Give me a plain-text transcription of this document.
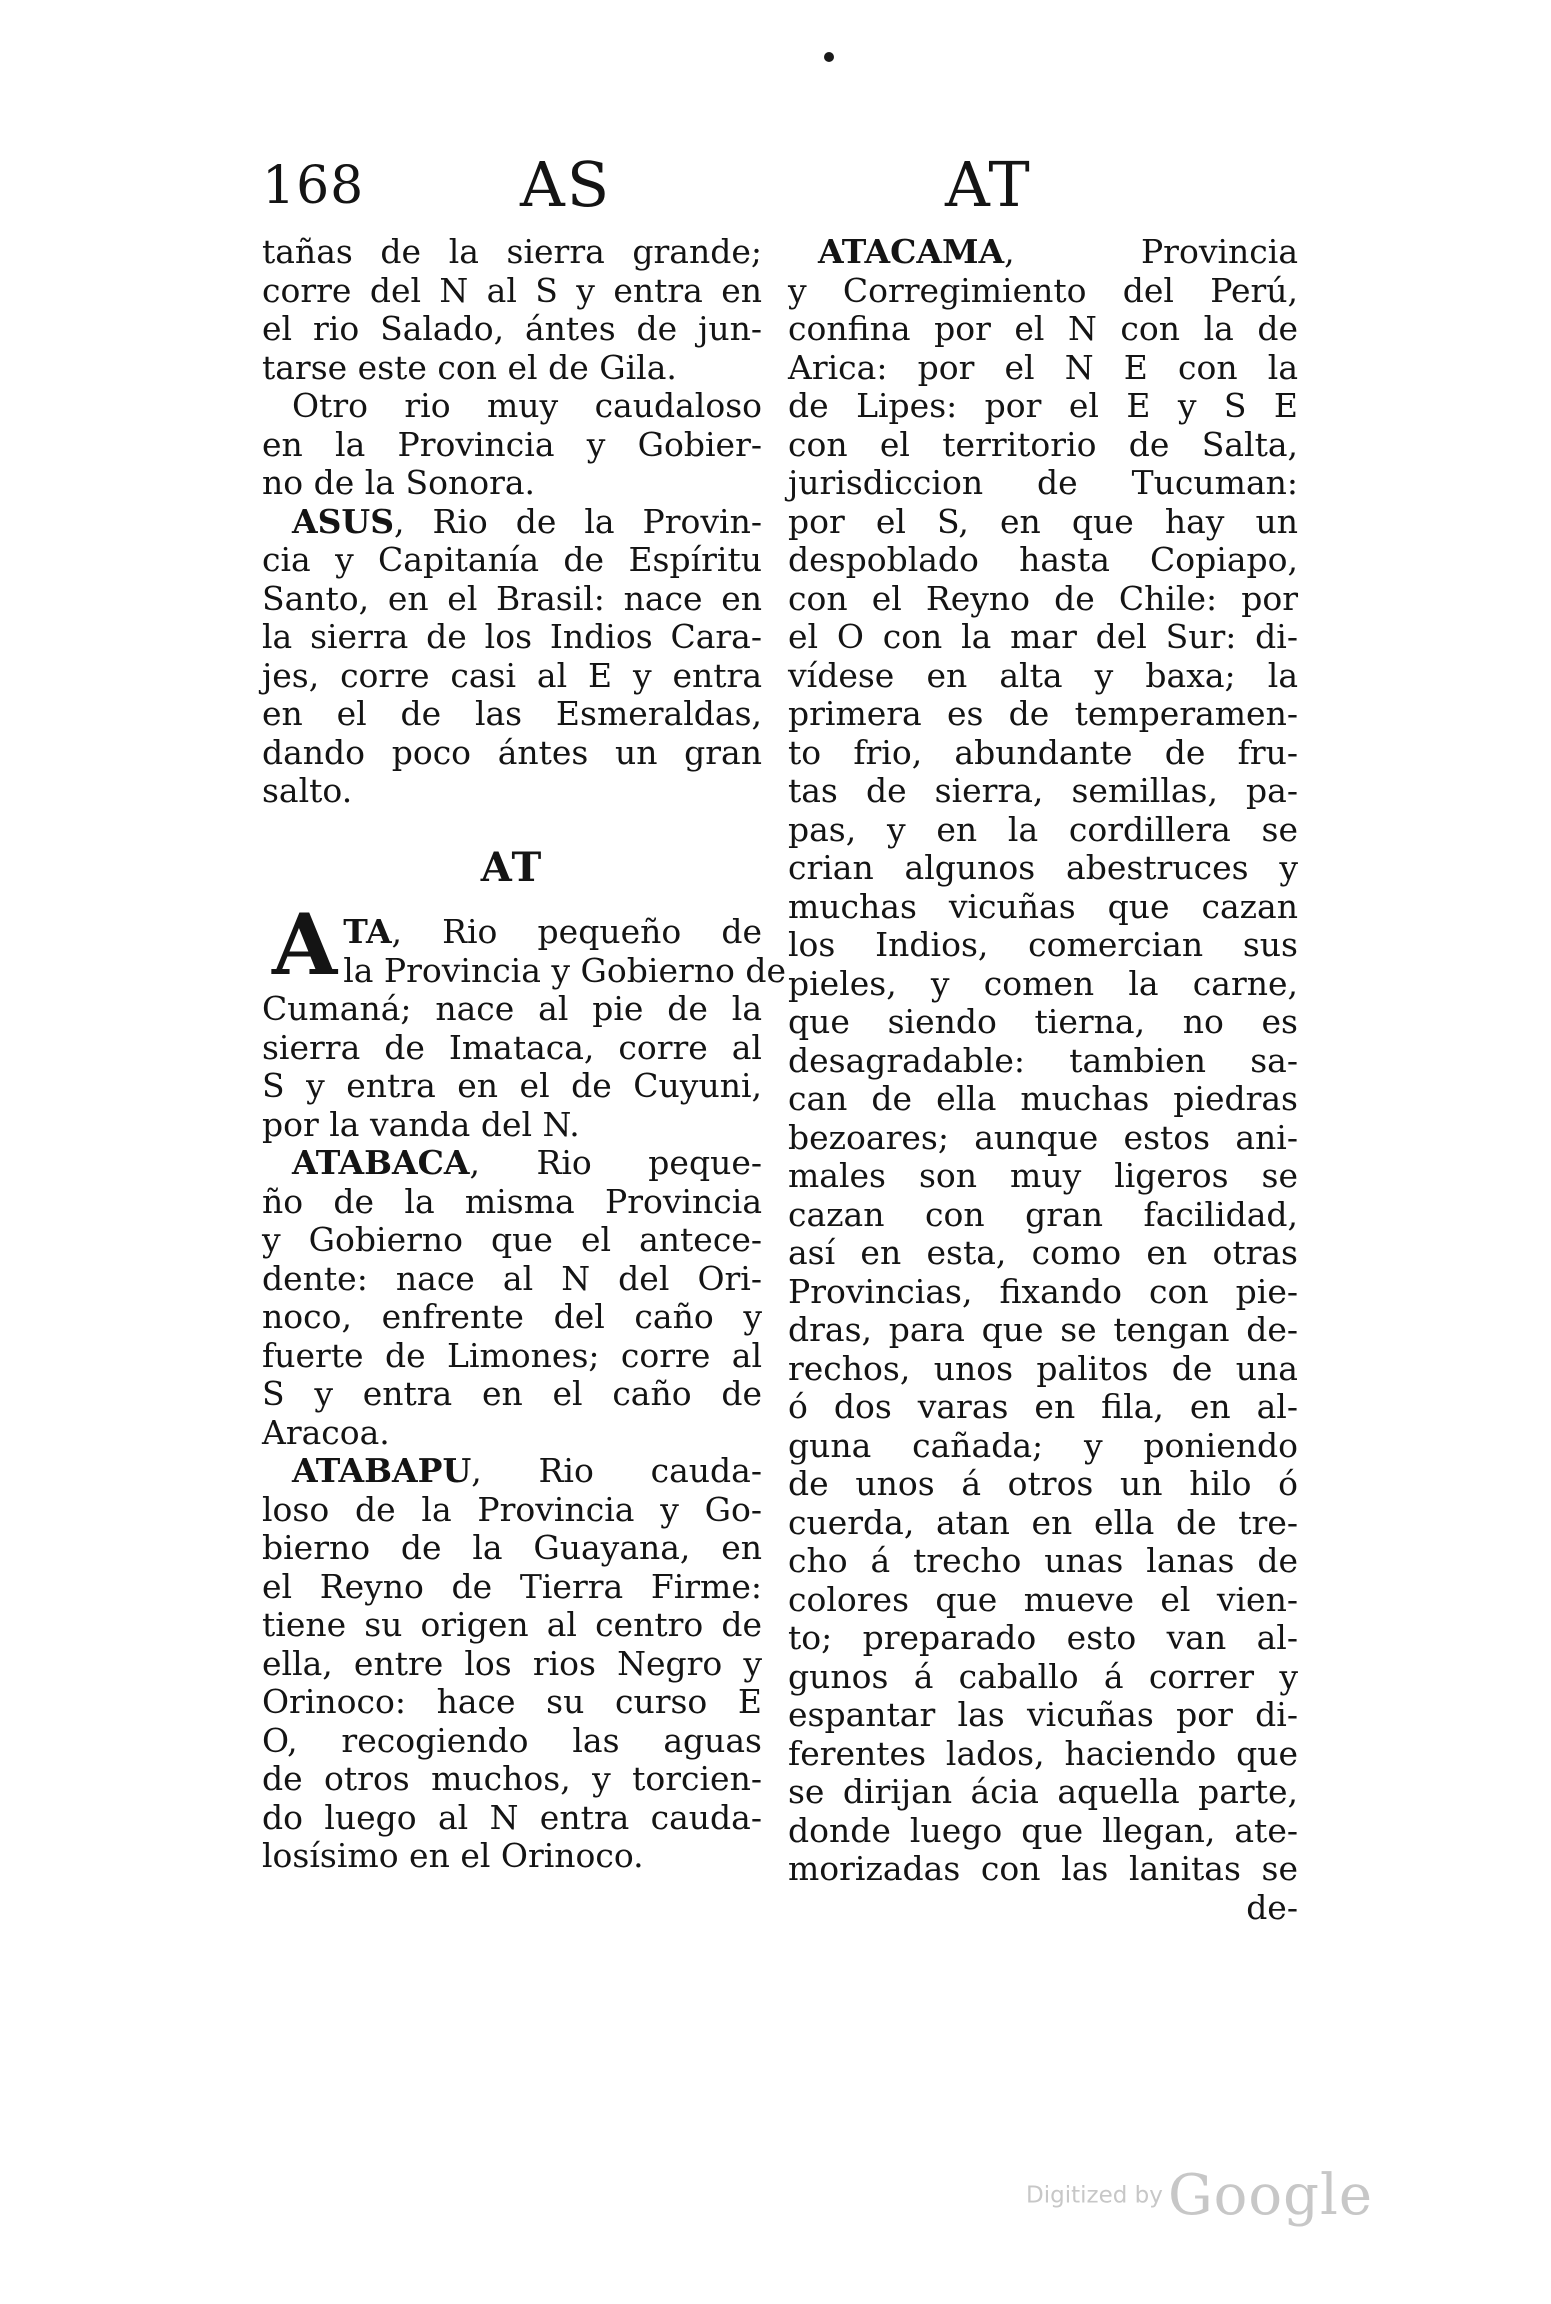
168	AS	AT
tañas de la sierra grande;
corre del N al S y entra en
el rio Salado, ántes de jun-
tarse este con el de Gila.
Otro rio muy caudaloso
en la Provincia y Gobier-
no de la Sonora.
ASUS, Rio de la Provin-
cia y Capitanía de Espíritu
Santo, en el Brasil: nace en
la sierra de los Indios Cara-
jes, corre casi al E y entra
en el de las Esmeraldas,
dando poco ántes un gran
salto.
AT
A TA, Rio pequeño de
la Provincia y Gobierno de
Cumaná; nace al pie de la
sierra de Imataca, corre al
S y entra en el de Cuyuni,
por la vanda del N.
ATABACA, Rio peque-
ño de la misma Provincia
y Gobierno que el antece-
dente: nace al N del Ori-
noco, enfrente del caño y
fuerte de Limones; corre al
S y entra en el caño de
Aracoa.
ATABAPU, Rio cauda-
loso de la Provincia y Go-
bierno de la Guayana, en
el Reyno de Tierra Firme:
tiene su origen al centro de
ella, entre los rios Negro y
Orinoco: hace su curso E
O, recogiendo las aguas
de otros muchos, y torcien-
do luego al N entra cauda-
losísimo en el Orinoco.
ATACAMA, Provincia
y Corregimiento del Perú,
confina por el N con la de
Arica: por el N E con la
de Lipes: por el E y S E
con el territorio de Salta,
jurisdiccion de Tucuman:
por el S, en que hay un
despoblado hasta Copiapo,
con el Reyno de Chile: por
el O con la mar del Sur: di-
vídese en alta y baxa; la
primera es de temperamen-
to frio, abundante de fru-
tas de sierra, semillas, pa-
pas, y en la cordillera se
crian algunos abestruces y
muchas vicuñas que cazan
los Indios, comercian sus
pieles, y comen la carne,
que siendo tierna, no es
desagradable: tambien sa-
can de ella muchas piedras
bezoares; aunque estos ani-
males son muy ligeros se
cazan con gran facilidad,
así en esta, como en otras
Provincias, fixando con pie-
dras, para que se tengan de-
rechos, unos palitos de una
ó dos varas en fila, en al-
guna cañada; y poniendo
de unos á otros un hilo ó
cuerda, atan en ella de tre-
cho á trecho unas lanas de
colores que mueve el vien-
to; preparado esto van al-
gunos á caballo á correr y
espantar las vicuñas por di-
ferentes lados, haciendo que
se dirijan ácia aquella parte,
donde luego que llegan, ate-
morizadas con las lanitas se
de-
Digitized by Google
